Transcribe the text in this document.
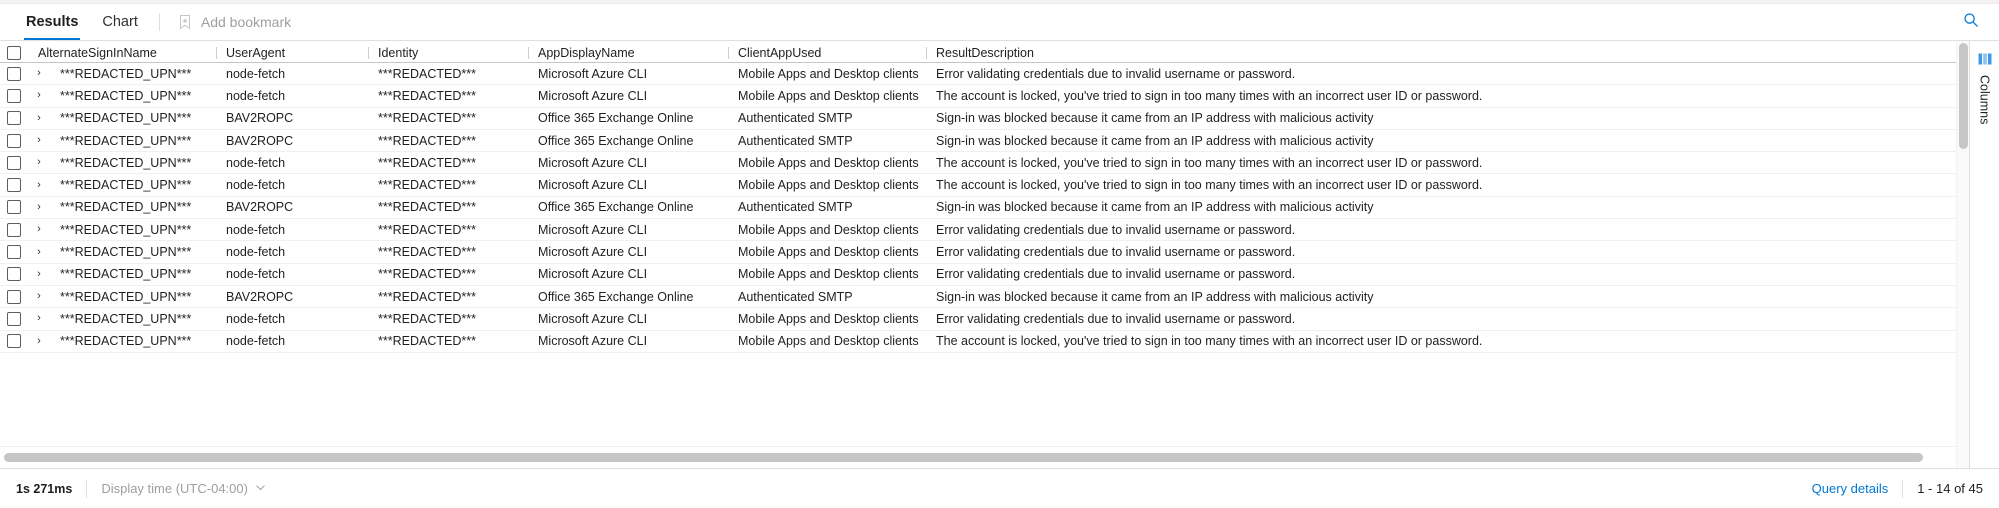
Results Chart	Add bookmark
AlternateSignInName	UserAgent	Identity	AppDisplayName	ClientAppUsed	ResultDescription
›	***REDACTED_UPN***	node-fetch	***REDACTED***	Microsoft Azure CLI	Mobile Apps and Desktop clients	Error validating credentials due to invalid username or password.
›	***REDACTED_UPN***	node-fetch	***REDACTED***	Microsoft Azure CLI	Mobile Apps and Desktop clients	The account is locked, you've tried to sign in too many times with an incorrect user ID or password.
›	***REDACTED_UPN***	BAV2ROPC	***REDACTED***	Office 365 Exchange Online	Authenticated SMTP	Sign-in was blocked because it came from an IP address with malicious activity
›	***REDACTED_UPN***	BAV2ROPC	***REDACTED***	Office 365 Exchange Online	Authenticated SMTP	Sign-in was blocked because it came from an IP address with malicious activity
›	***REDACTED_UPN***	node-fetch	***REDACTED***	Microsoft Azure CLI	Mobile Apps and Desktop clients	The account is locked, you've tried to sign in too many times with an incorrect user ID or password.
›	***REDACTED_UPN***	node-fetch	***REDACTED***	Microsoft Azure CLI	Mobile Apps and Desktop clients	The account is locked, you've tried to sign in too many times with an incorrect user ID or password.
›	***REDACTED_UPN***	BAV2ROPC	***REDACTED***	Office 365 Exchange Online	Authenticated SMTP	Sign-in was blocked because it came from an IP address with malicious activity
›	***REDACTED_UPN***	node-fetch	***REDACTED***	Microsoft Azure CLI	Mobile Apps and Desktop clients	Error validating credentials due to invalid username or password.
›	***REDACTED_UPN***	node-fetch	***REDACTED***	Microsoft Azure CLI	Mobile Apps and Desktop clients	Error validating credentials due to invalid username or password.
›	***REDACTED_UPN***	node-fetch	***REDACTED***	Microsoft Azure CLI	Mobile Apps and Desktop clients	Error validating credentials due to invalid username or password.
›	***REDACTED_UPN***	BAV2ROPC	***REDACTED***	Office 365 Exchange Online	Authenticated SMTP	Sign-in was blocked because it came from an IP address with malicious activity
›	***REDACTED_UPN***	node-fetch	***REDACTED***	Microsoft Azure CLI	Mobile Apps and Desktop clients	Error validating credentials due to invalid username or password.
›	***REDACTED_UPN***	node-fetch	***REDACTED***	Microsoft Azure CLI	Mobile Apps and Desktop clients	The account is locked, you've tried to sign in too many times with an incorrect user ID or password.
Columns
1s 271ms Display time (UTC-04:00)	Query details 1 - 14 of 45
